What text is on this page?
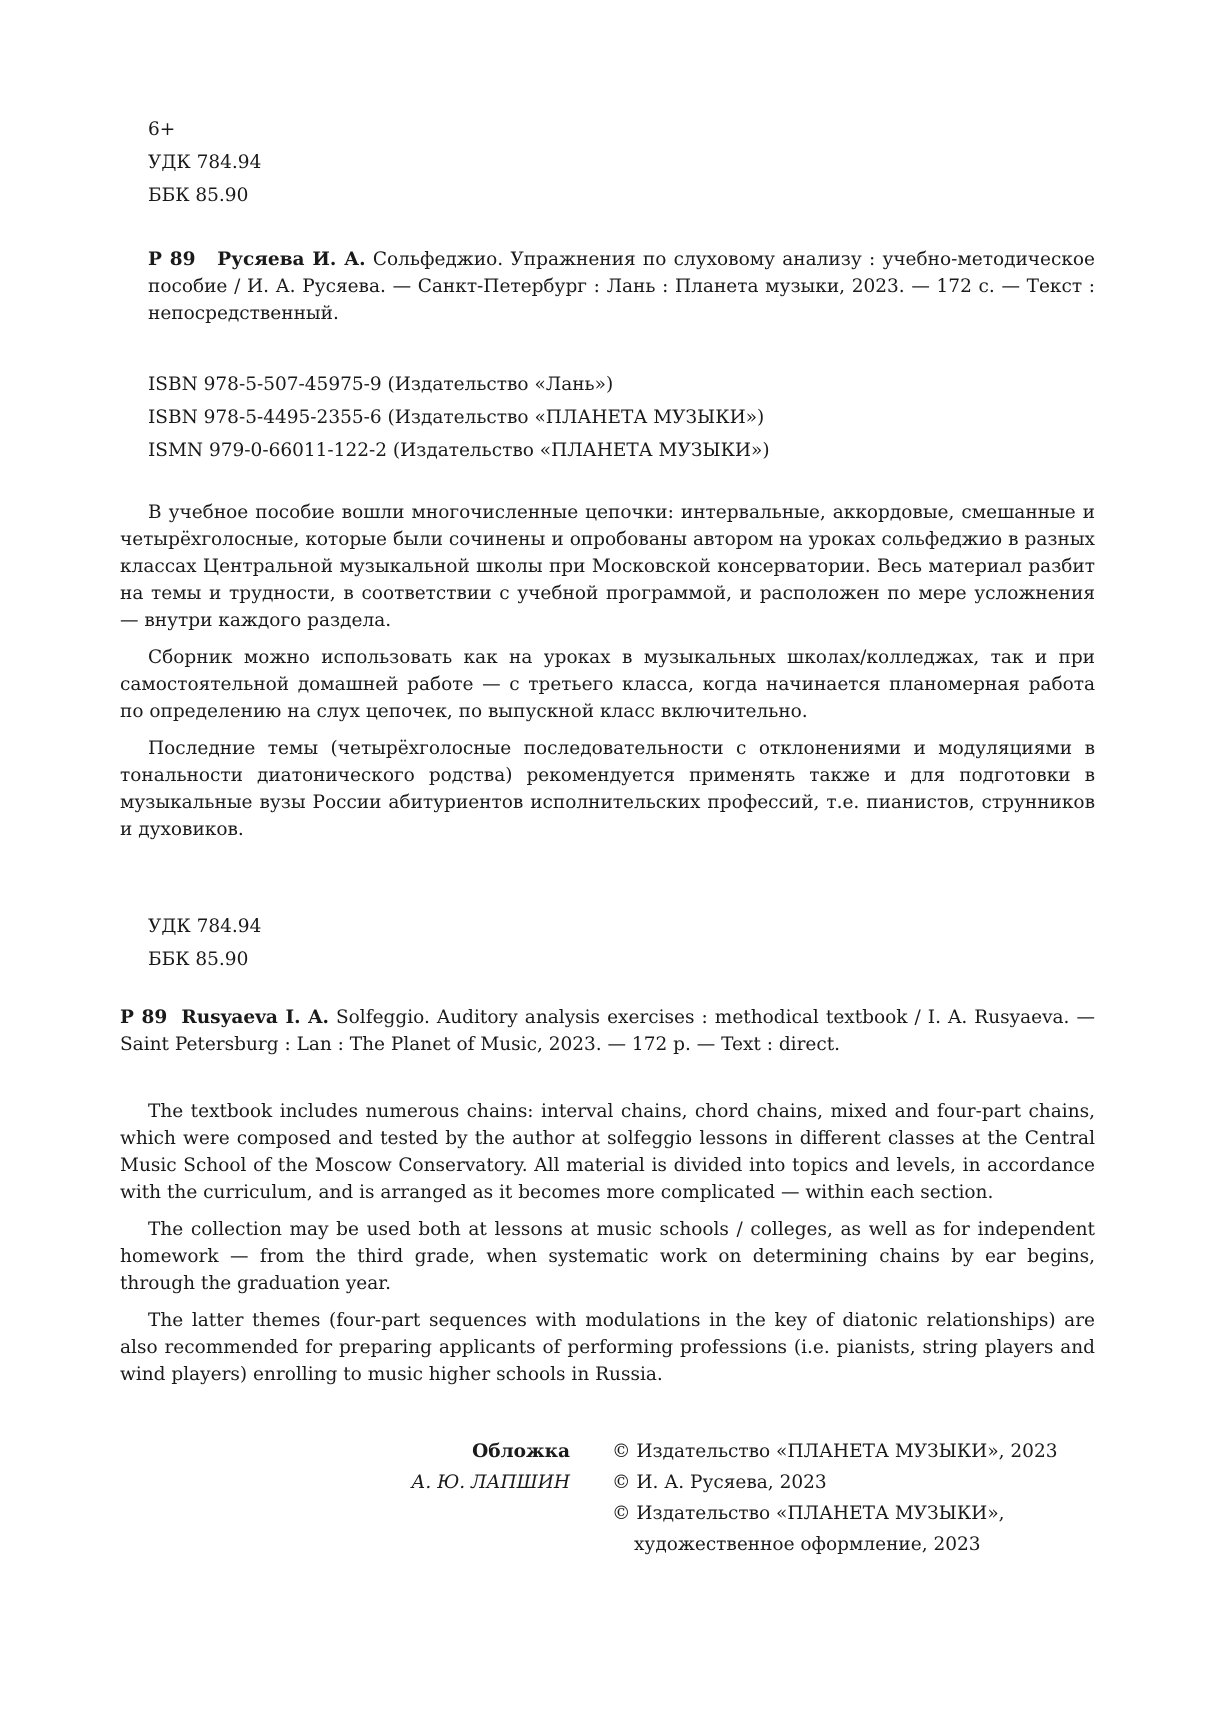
6+
УДК 784.94
ББК 85.90
Р 89 Русяева И. А. Сольфеджио. Упражнения по слуховому анализу : учебно-методическое пособие / И. А. Русяева. — Санкт-Петербург : Лань : Планета музыки, 2023. — 172 с. — Текст : непосредственный.
ISBN 978-5-507-45975-9 (Издательство «Лань»)
ISBN 978-5-4495-2355-6 (Издательство «ПЛАНЕТА МУЗЫКИ»)
ISMN 979-0-66011-122-2 (Издательство «ПЛАНЕТА МУЗЫКИ»)

В учебное пособие вошли многочисленные цепочки: интервальные, аккордовые, смешанные и четырёхголосные, которые были сочинены и опробованы автором на уроках сольфеджио в разных классах Центральной музыкальной школы при Московской консерватории. Весь материал разбит на темы и трудности, в соответствии с учебной программой, и расположен по мере усложнения — внутри каждого раздела.

Сборник можно использовать как на уроках в музыкальных школах/колледжах, так и при самостоятельной домашней работе — с третьего класса, когда начинается планомерная работа по определению на слух цепочек, по выпускной класс включительно.

Последние темы (четырёхголосные последовательности с отклонениями и модуляциями в тональности диатонического родства) рекомендуется применять также и для подготовки в музыкальные вузы России абитуриентов исполнительских профессий, т.е. пианистов, струнников и духовиков.

УДК 784.94
ББК 85.90

Р 89 Rusyaeva I. A. Solfeggio. Auditory analysis exercises : methodical textbook / I. A. Rusyaeva. — Saint Petersburg : Lan : The Planet of Music, 2023. — 172 p. — Text : direct.

The textbook includes numerous chains: interval chains, chord chains, mixed and four-part chains, which were composed and tested by the author at solfeggio lessons in different classes at the Central Music School of the Moscow Conservatory. All material is divided into topics and levels, in accordance with the curriculum, and is arranged as it becomes more complicated — within each section.

The collection may be used both at lessons at music schools / colleges, as well as for independent homework — from the third grade, when systematic work on determining chains by ear begins, through the graduation year.

The latter themes (four-part sequences with modulations in the key of diatonic relationships) are also recommended for preparing applicants of performing professions (i.e. pianists, string players and wind players) enrolling to music higher schools in Russia.

Обложка
А. Ю. ЛАПШИН
© Издательство «ПЛАНЕТА МУЗЫКИ», 2023
© И. А. Русяева, 2023
© Издательство «ПЛАНЕТА МУЗЫКИ»,
художественное оформление, 2023
